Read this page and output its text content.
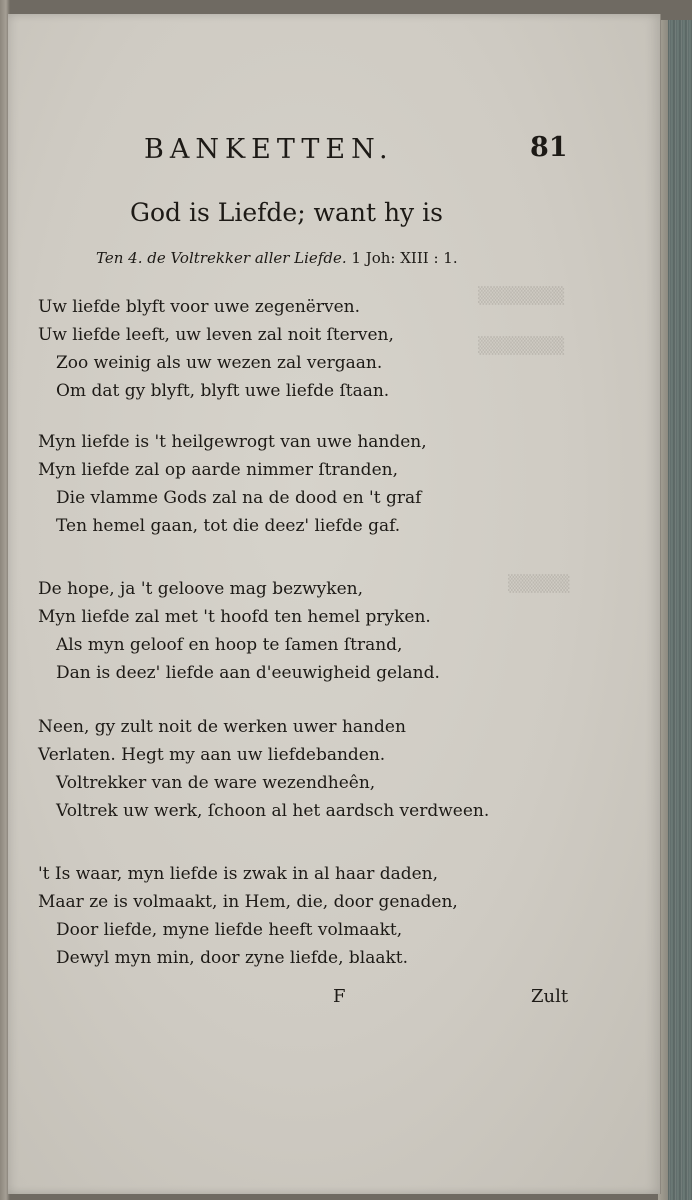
▒▒▒▒▒▒▒
▒▒▒▒▒▒▒
▒▒▒▒▒
BANKETTEN.	81
God is Liefde; want hy is
Ten 4. de Voltrekker aller Liefde. 1 Joh: XIII : 1.
Uw liefde blyft voor uwe zegenërven.
Uw liefde leeft, uw leven zal noit ſterven,
Zoo weinig als uw wezen zal vergaan.
Om dat gy blyft, blyft uwe liefde ſtaan.
Myn liefde is 't heilgewrogt van uwe handen,
Myn liefde zal op aarde nimmer ſtranden,
Die vlamme Gods zal na de dood en 't graf
Ten hemel gaan, tot die deez' liefde gaf.
De hope, ja 't geloove mag bezwyken,
Myn liefde zal met 't hoofd ten hemel pryken.
Als myn geloof en hoop te ſamen ſtrand,
Dan is deez' liefde aan d'eeuwigheid geland.
Neen, gy zult noit de werken uwer handen
Verlaten. Hegt my aan uw liefdebanden.
Voltrekker van de ware wezendheên,
Voltrek uw werk, ſchoon al het aardsch verdween.
't Is waar, myn liefde is zwak in al haar daden,
Maar ze is volmaakt, in Hem, die, door genaden,
Door liefde, myne liefde heeft volmaakt,
Dewyl myn min, door zyne liefde, blaakt.
F	Zult
